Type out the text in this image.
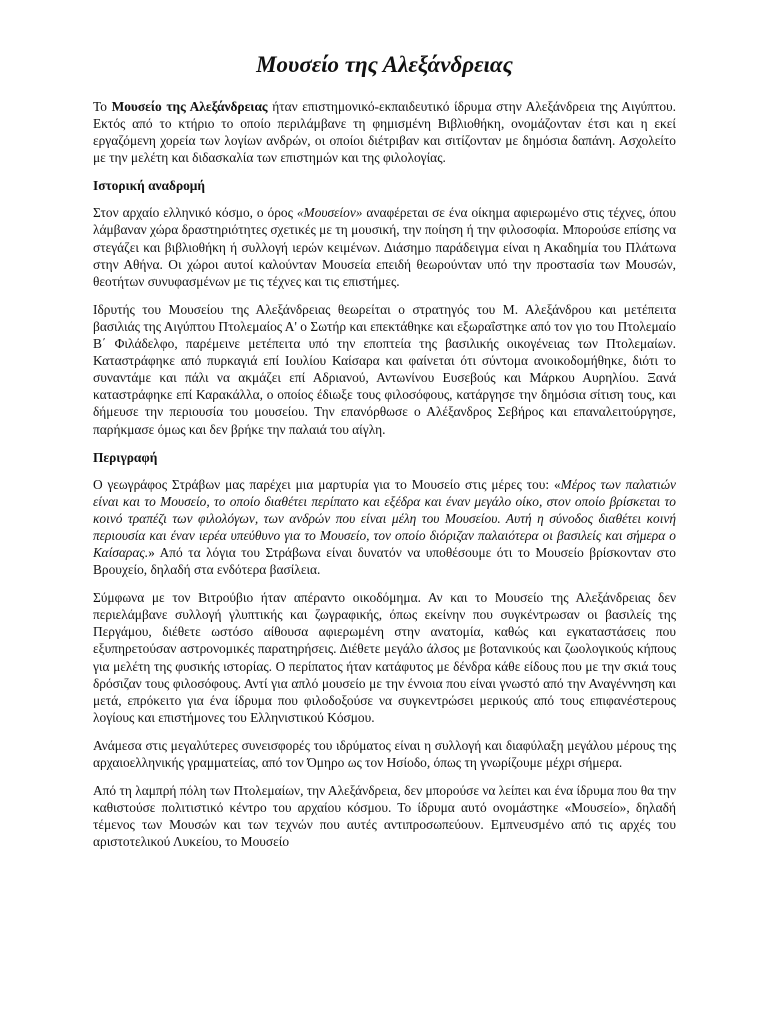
Μουσείο της Αλεξάνδρειας

Το Μουσείο της Αλεξάνδρειας ήταν επιστημονικό-εκπαιδευτικό ίδρυμα στην Αλεξάνδρεια της Αιγύπτου. Εκτός από το κτήριο το οποίο περιλάμβανε τη φημισμένη Βιβλιοθήκη, ονομάζονταν έτσι και η εκεί εργαζόμενη χορεία των λογίων ανδρών, οι οποίοι διέτριβαν και σιτίζονταν με δημόσια δαπάνη. Ασχολείτο με την μελέτη και διδασκαλία των επιστημών και της φιλολογίας.

Ιστορική αναδρομή

Στον αρχαίο ελληνικό κόσμο, ο όρος «Μουσείον» αναφέρεται σε ένα οίκημα αφιερωμένο στις τέχνες, όπου λάμβαναν χώρα δραστηριότητες σχετικές με τη μουσική, την ποίηση ή την φιλοσοφία. Μπορούσε επίσης να στεγάζει και βιβλιοθήκη ή συλλογή ιερών κειμένων. Διάσημο παράδειγμα είναι η Ακαδημία του Πλάτωνα στην Αθήνα. Οι χώροι αυτοί καλούνταν Μουσεία επειδή θεωρούνταν υπό την προστασία των Μουσών, θεοτήτων συνυφασμένων με τις τέχνες και τις επιστήμες.

Ιδρυτής του Μουσείου της Αλεξάνδρειας θεωρείται ο στρατηγός του Μ. Αλεξάνδρου και μετέπειτα βασιλιάς της Αιγύπτου Πτολεμαίος Α' ο Σωτήρ και επεκτάθηκε και εξωραΐστηκε από τον γιο του Πτολεμαίο Β΄ Φιλάδελφο, παρέμεινε μετέπειτα υπό την εποπτεία της βασιλικής οικογένειας των Πτολεμαίων. Καταστράφηκε από πυρκαγιά επί Ιουλίου Καίσαρα και φαίνεται ότι σύντομα ανοικοδομήθηκε, διότι το συναντάμε και πάλι να ακμάζει επί Αδριανού, Αντωνίνου Ευσεβούς και Μάρκου Αυρηλίου. Ξανά καταστράφηκε επί Καρακάλλα, ο οποίος έδιωξε τους φιλοσόφους, κατάργησε την δημόσια σίτιση τους, και δήμευσε την περιουσία του μουσείου. Την επανόρθωσε ο Αλέξανδρος Σεβήρος και επαναλειτούργησε, παρήκμασε όμως και δεν βρήκε την παλαιά του αίγλη.

Περιγραφή

Ο γεωγράφος Στράβων μας παρέχει μια μαρτυρία για το Μουσείο στις μέρες του: «Μέρος των παλατιών είναι και το Μουσείο, το οποίο διαθέτει περίπατο και εξέδρα και έναν μεγάλο οίκο, στον οποίο βρίσκεται το κοινό τραπέζι των φιλολόγων, των ανδρών που είναι μέλη του Μουσείου. Αυτή η σύνοδος διαθέτει κοινή περιουσία και έναν ιερέα υπεύθυνο για το Μουσείο, τον οποίο διόριζαν παλαιότερα οι βασιλείς και σήμερα ο Καίσαρας.» Από τα λόγια του Στράβωνα είναι δυνατόν να υποθέσουμε ότι το Μουσείο βρίσκονταν στο Βρουχείο, δηλαδή στα ενδότερα βασίλεια.

Σύμφωνα με τον Βιτρούβιο ήταν απέραντο οικοδόμημα. Αν και το Μουσείο της Αλεξάνδρειας δεν περιελάμβανε συλλογή γλυπτικής και ζωγραφικής, όπως εκείνην που συγκέντρωσαν οι βασιλείς της Περγάμου, διέθετε ωστόσο αίθουσα αφιερωμένη στην ανατομία, καθώς και εγκαταστάσεις που εξυπηρετούσαν αστρονομικές παρατηρήσεις. Διέθετε μεγάλο άλσος με βοτανικούς και ζωολογικούς κήπους για μελέτη της φυσικής ιστορίας. Ο περίπατος ήταν κατάφυτος με δένδρα κάθε είδους που με την σκιά τους δρόσιζαν τους φιλοσόφους. Αντί για απλό μουσείο με την έννοια που είναι γνωστό από την Αναγέννηση και μετά, επρόκειτο για ένα ίδρυμα που φιλοδοξούσε να συγκεντρώσει μερικούς από τους επιφανέστερους λογίους και επιστήμονες του Ελληνιστικού Κόσμου.

Ανάμεσα στις μεγαλύτερες συνεισφορές του ιδρύματος είναι η συλλογή και διαφύλαξη μεγάλου μέρους της αρχαιοελληνικής γραμματείας, από τον Όμηρο ως τον Ησίοδο, όπως τη γνωρίζουμε μέχρι σήμερα.

Από τη λαμπρή πόλη των Πτολεμαίων, την Αλεξάνδρεια, δεν μπορούσε να λείπει και ένα ίδρυμα που θα την καθιστούσε πολιτιστικό κέντρο του αρχαίου κόσμου. Το ίδρυμα αυτό ονομάστηκε «Μουσείο», δηλαδή τέμενος των Μουσών και των τεχνών που αυτές αντιπροσωπεύουν. Εμπνευσμένο από τις αρχές του αριστοτελικού Λυκείου, το Μουσείο
